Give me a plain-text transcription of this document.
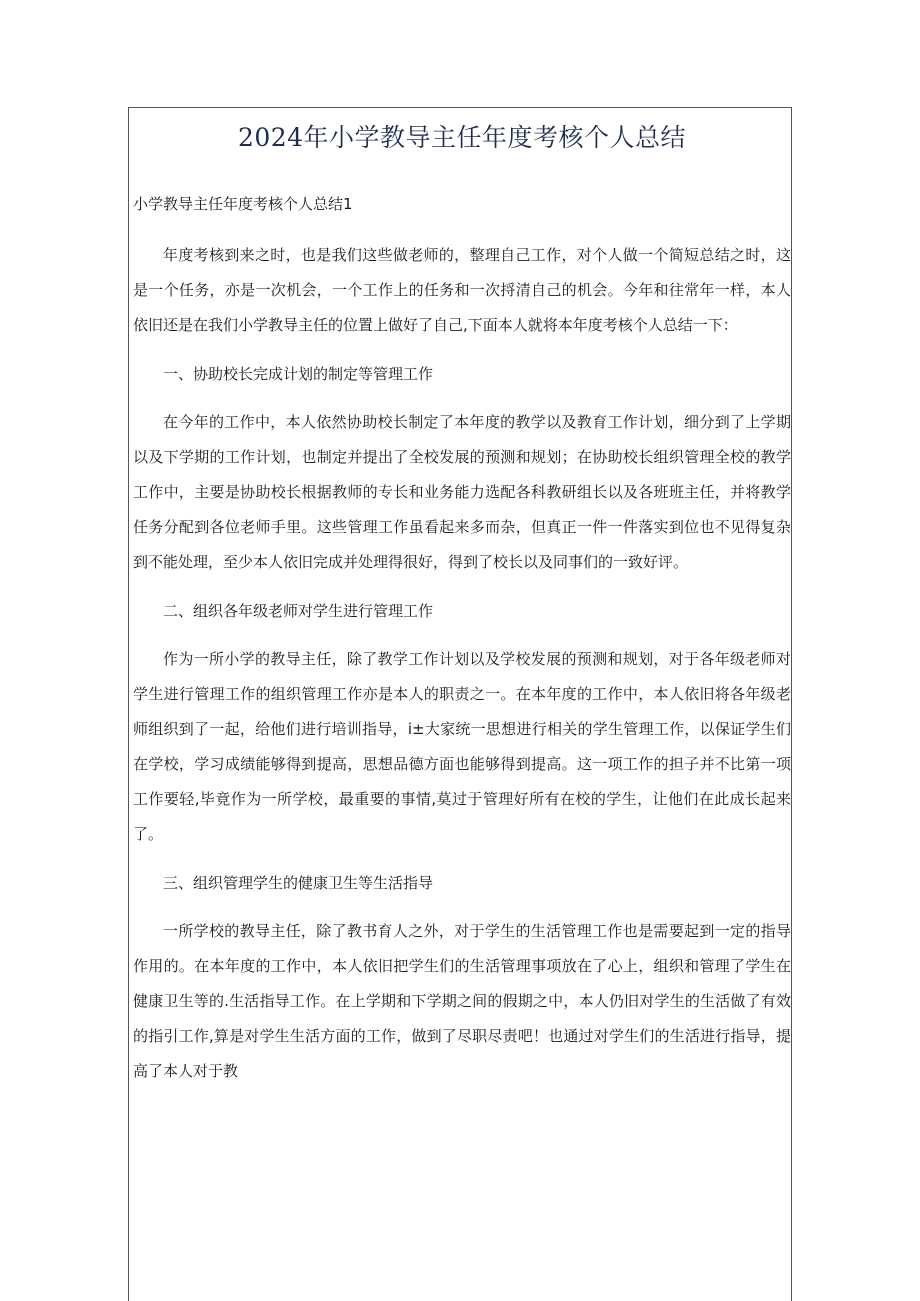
2024年小学教导主任年度考核个人总结

小学教导主任年度考核个人总结1

年度考核到来之时，也是我们这些做老师的，整理自己工作，对个人做一个简短总结之时，这是一个任务，亦是一次机会，一个工作上的任务和一次捋清自己的机会。今年和往常年一样，本人依旧还是在我们小学教导主任的位置上做好了自己,下面本人就将本年度考核个人总结一下：

一、协助校长完成计划的制定等管理工作

在今年的工作中，本人依然协助校长制定了本年度的教学以及教育工作计划，细分到了上学期以及下学期的工作计划，也制定并提出了全校发展的预测和规划；在协助校长组织管理全校的教学工作中，主要是协助校长根据教师的专长和业务能力选配各科教研组长以及各班班主任，并将教学任务分配到各位老师手里。这些管理工作虽看起来多而杂，但真正一件一件落实到位也不见得复杂到不能处理，至少本人依旧完成并处理得很好，得到了校长以及同事们的一致好评。

二、组织各年级老师对学生进行管理工作

作为一所小学的教导主任，除了教学工作计划以及学校发展的预测和规划，对于各年级老师对学生进行管理工作的组织管理工作亦是本人的职责之一。在本年度的工作中，本人依旧将各年级老师组织到了一起，给他们进行培训指导，i±大家统一思想进行相关的学生管理工作，以保证学生们在学校，学习成绩能够得到提高，思想品德方面也能够得到提高。这一项工作的担子并不比第一项工作要轻,毕竟作为一所学校，最重要的事情,莫过于管理好所有在校的学生，让他们在此成长起来了。

三、组织管理学生的健康卫生等生活指导

一所学校的教导主任，除了教书育人之外，对于学生的生活管理工作也是需要起到一定的指导作用的。在本年度的工作中，本人依旧把学生们的生活管理事项放在了心上，组织和管理了学生在健康卫生等的.生活指导工作。在上学期和下学期之间的假期之中，本人仍旧对学生的生活做了有效的指引工作,算是对学生生活方面的工作，做到了尽职尽责吧！也通过对学生们的生活进行指导，提高了本人对于教
